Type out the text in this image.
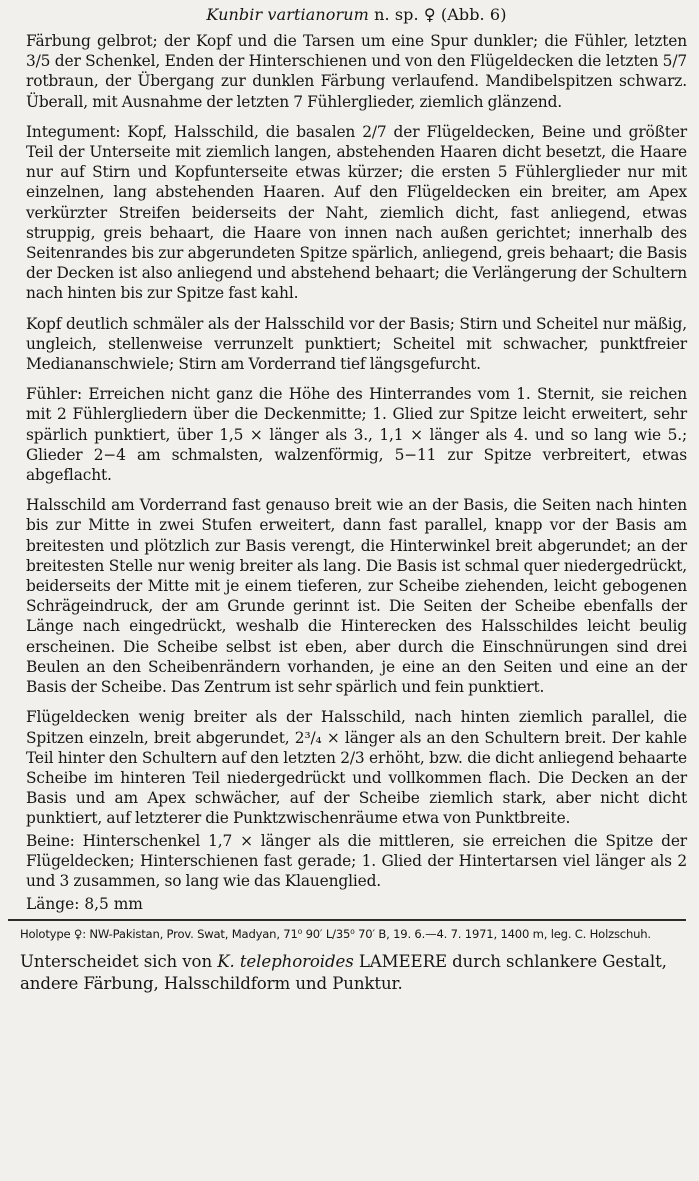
Kunbir vartianorum n. sp. ♀ (Abb. 6)

Färbung gelbrot; der Kopf und die Tarsen um eine Spur dunkler; die Fühler, letzten 3/5 der Schenkel, Enden der Hinterschienen und von den Flügeldecken die letzten 5/7 rotbraun, der Übergang zur dunklen Färbung verlaufend. Mandibelspitzen schwarz. Überall, mit Ausnahme der letzten 7 Fühlerglieder, ziemlich glänzend.

Integument: Kopf, Halsschild, die basalen 2/7 der Flügeldecken, Beine und größter Teil der Unterseite mit ziemlich langen, abstehenden Haaren dicht besetzt, die Haare nur auf Stirn und Kopfunterseite etwas kürzer; die ersten 5 Fühlerglieder nur mit einzelnen, lang abstehenden Haaren. Auf den Flügeldecken ein breiter, am Apex verkürzter Streifen beiderseits der Naht, ziemlich dicht, fast anliegend, etwas struppig, greis behaart, die Haare von innen nach außen gerichtet; innerhalb des Seitenrandes bis zur abgerundeten Spitze spärlich, anliegend, greis behaart; die Basis der Decken ist also anliegend und abstehend behaart; die Verlängerung der Schultern nach hinten bis zur Spitze fast kahl.

Kopf deutlich schmäler als der Halsschild vor der Basis; Stirn und Scheitel nur mäßig, ungleich, stellenweise verrunzelt punktiert; Scheitel mit schwacher, punktfreier Mediananschwiele; Stirn am Vorderrand tief längsgefurcht.

Fühler: Erreichen nicht ganz die Höhe des Hinterrandes vom 1. Sternit, sie reichen mit 2 Fühlergliedern über die Deckenmitte; 1. Glied zur Spitze leicht erweitert, sehr spärlich punktiert, über 1,5 × länger als 3., 1,1 × länger als 4. und so lang wie 5.; Glieder 2−4 am schmalsten, walzenförmig, 5−11 zur Spitze verbreitert, etwas abgeflacht.

Halsschild am Vorderrand fast genauso breit wie an der Basis, die Seiten nach hinten bis zur Mitte in zwei Stufen erweitert, dann fast parallel, knapp vor der Basis am breitesten und plötzlich zur Basis verengt, die Hinterwinkel breit abgerundet; an der breitesten Stelle nur wenig breiter als lang. Die Basis ist schmal quer niedergedrückt, beiderseits der Mitte mit je einem tieferen, zur Scheibe ziehenden, leicht gebogenen Schrägeindruck, der am Grunde gerinnt ist. Die Seiten der Scheibe ebenfalls der Länge nach eingedrückt, weshalb die Hinterecken des Halsschildes leicht beulig erscheinen. Die Scheibe selbst ist eben, aber durch die Einschnürungen sind drei Beulen an den Scheibenrändern vorhanden, je eine an den Seiten und eine an der Basis der Scheibe. Das Zentrum ist sehr spärlich und fein punktiert.

Flügeldecken wenig breiter als der Halsschild, nach hinten ziemlich parallel, die Spitzen einzeln, breit abgerundet, 2³/₄ × länger als an den Schultern breit. Der kahle Teil hinter den Schultern auf den letzten 2/3 erhöht, bzw. die dicht anliegend behaarte Scheibe im hinteren Teil niedergedrückt und vollkommen flach. Die Decken an der Basis und am Apex schwächer, auf der Scheibe ziemlich stark, aber nicht dicht punktiert, auf letzterer die Punktzwischenräume etwa von Punktbreite.

Beine: Hinterschenkel 1,7 × länger als die mittleren, sie erreichen die Spitze der Flügeldecken; Hinterschienen fast gerade; 1. Glied der Hintertarsen viel länger als 2 und 3 zusammen, so lang wie das Klauenglied.

Länge: 8,5 mm
Holotype ♀: NW-Pakistan, Prov. Swat, Madyan, 71⁰ 90′ L/35⁰ 70′ B, 19. 6.—4. 7. 1971, 1400 m, leg. C. Holzschuh.

Unterscheidet sich von K. telephoroides LAMEERE durch schlankere Gestalt, andere Färbung, Halsschildform und Punktur.
